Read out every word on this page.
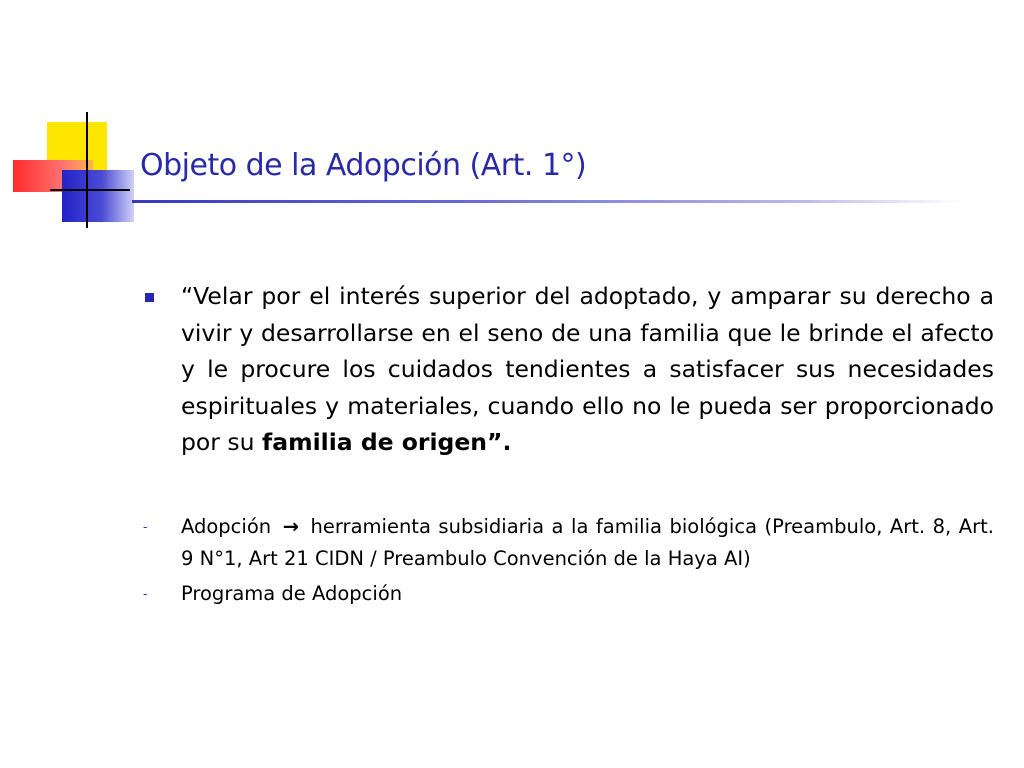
Objeto de la Adopción (Art. 1°)
“Velar por el interés superior del adoptado, y amparar su derecho a vivir y desarrollarse en el seno de una familia que le brinde el afecto y le procure los cuidados tendientes a satisfacer sus necesidades espirituales y materiales, cuando ello no le pueda ser proporcionado por su familia de origen”.
- Adopción → herramienta subsidiaria a la familia biológica (Preambulo, Art. 8, Art. 9 N°1, Art 21 CIDN / Preambulo Convención de la Haya AI)
- Programa de Adopción
